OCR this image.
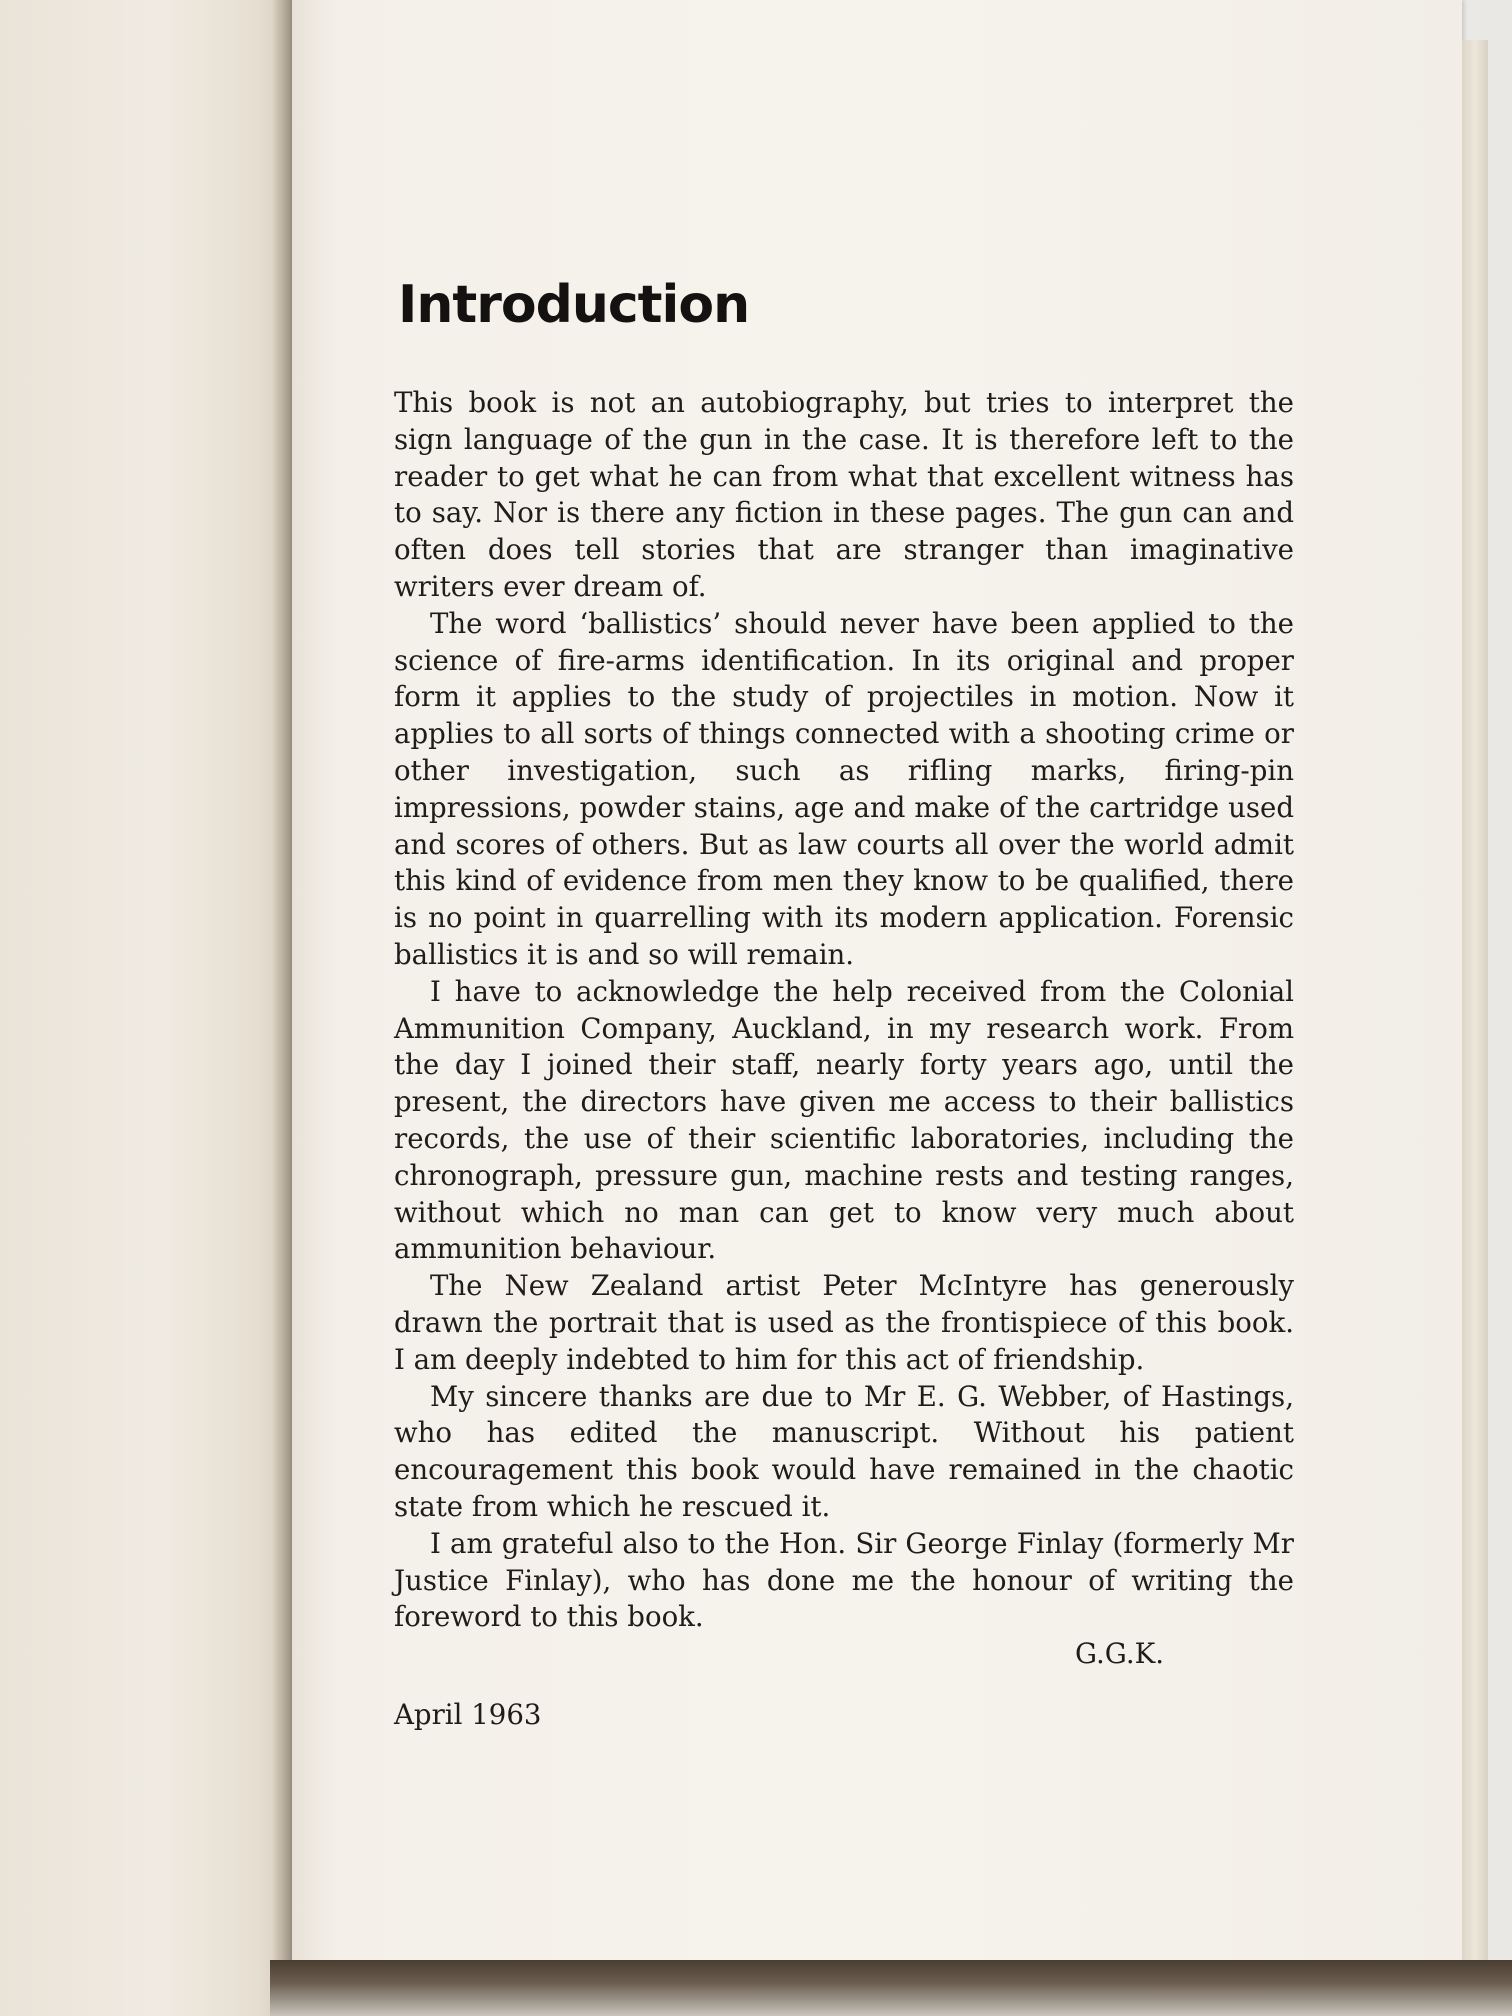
Introduction

This book is not an autobiography, but tries to interpret the sign language of the gun in the case. It is therefore left to the reader to get what he can from what that excellent witness has to say. Nor is there any fiction in these pages. The gun can and often does tell stories that are stranger than imaginative writers ever dream of.

The word ‘ballistics’ should never have been applied to the science of fire-arms identification. In its original and proper form it applies to the study of projectiles in motion. Now it applies to all sorts of things connected with a shooting crime or other investigation, such as rifling marks, firing-pin impressions, powder stains, age and make of the cartridge used and scores of others. But as law courts all over the world admit this kind of evidence from men they know to be qualified, there is no point in quarrelling with its modern application. Forensic ballistics it is and so will remain.

I have to acknowledge the help received from the Colonial Ammunition Company, Auckland, in my research work. From the day I joined their staff, nearly forty years ago, until the present, the directors have given me access to their ballistics records, the use of their scientific laboratories, including the chronograph, pressure gun, machine rests and testing ranges, without which no man can get to know very much about ammunition behaviour.

The New Zealand artist Peter McIntyre has generously drawn the portrait that is used as the frontispiece of this book. I am deeply indebted to him for this act of friendship.

My sincere thanks are due to Mr E. G. Webber, of Hastings, who has edited the manuscript. Without his patient encouragement this book would have remained in the chaotic state from which he rescued it.

I am grateful also to the Hon. Sir George Finlay (formerly Mr Justice Finlay), who has done me the honour of writing the foreword to this book.

G.G.K.

April 1963
